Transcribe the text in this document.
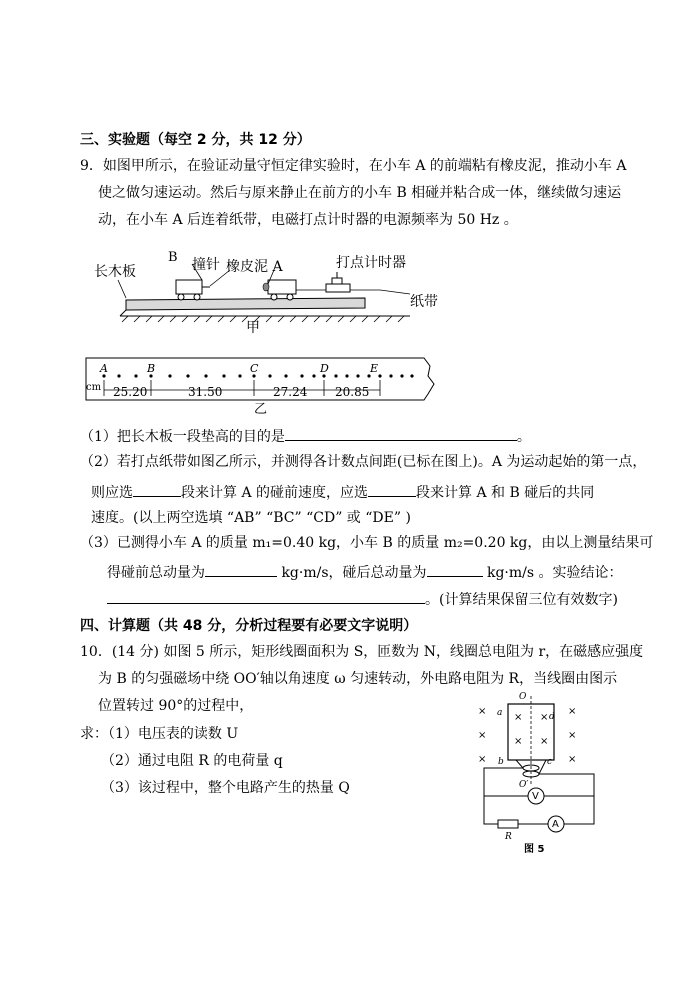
三、实验题（每空 2 分，共 12 分）
9．如图甲所示，在验证动量守恒定律实验时，在小车 A 的前端粘有橡皮泥，推动小车 A
使之做匀速运动。然后与原来静止在前方的小车 B 相碰并粘合成一体，继续做匀速运
动，在小车 A 后连着纸带，电磁打点计时器的电源频率为 50 Hz 。
长木板
B 撞针 橡皮泥 A	打点计时器
纸带
甲
A	B	C	D	E
cm 25.20	31.50	27.24 20.85
乙
（1）把长木板一段垫高的目的是	。
（2）若打点纸带如图乙所示，并测得各计数点间距(已标在图上)。A 为运动起始的第一点，
则应选	段来计算 A 的碰前速度，应选	段来计算 A 和 B 碰后的共同
速度。(以上两空选填 “AB” “BC” “CD” 或 “DE” )
（3）已测得小车 A 的质量 m₁=0.40 kg，小车 B 的质量 m₂=0.20 kg，由以上测量结果可
得碰前总动量为	kg·m/s，碰后总动量为	kg·m/s 。实验结论：
。(计算结果保留三位有效数字)
四、计算题（共 48 分，分析过程要有必要文字说明）
10．(14 分) 如图 5 所示，矩形线圈面积为 S，匝数为 N，线圈总电阻为 r，在磁感应强度
为 B 的匀强磁场中绕 OO′轴以角速度 ω 匀速转动，外电路电阻为 R，当线圈由图示
位置转过 90°的过程中，
求：（1）电压表的读数 U
（2）通过电阻 R 的电荷量 q
（3）该过程中，整个电路产生的热量 Q
×
×
×
×
×
×
×
×
×
×
a	d
b	c
O
O′
V
A
R
图 5
